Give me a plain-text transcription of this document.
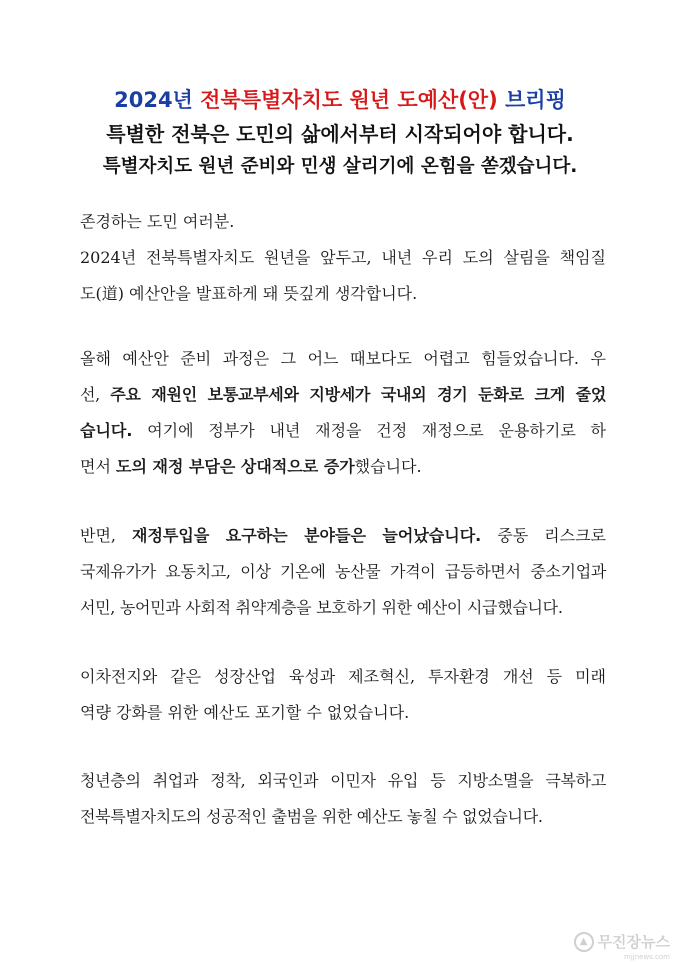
2024년 전북특별자치도 원년 도예산(안) 브리핑
특별한 전북은 도민의 삶에서부터 시작되어야 합니다.
특별자치도 원년 준비와 민생 살리기에 온힘을 쏟겠습니다.
존경하는 도민 여러분.
2024년 전북특별자치도 원년을 앞두고, 내년 우리 도의 살림을 책임질
도(道) 예산안을 발표하게 돼 뜻깊게 생각합니다.
올해 예산안 준비 과정은 그 어느 때보다도 어렵고 힘들었습니다. 우
선, 주요 재원인 보통교부세와 지방세가 국내외 경기 둔화로 크게 줄었
습니다. 여기에 정부가 내년 재정을 건정 재정으로 운용하기로 하
면서 도의 재정 부담은 상대적으로 증가했습니다.
반면, 재정투입을 요구하는 분야들은 늘어났습니다. 중동 리스크로
국제유가가 요동치고, 이상 기온에 농산물 가격이 급등하면서 중소기업과
서민, 농어민과 사회적 취약계층을 보호하기 위한 예산이 시급했습니다.
이차전지와 같은 성장산업 육성과 제조혁신, 투자환경 개선 등 미래
역량 강화를 위한 예산도 포기할 수 없었습니다.
청년층의 취업과 정착, 외국인과 이민자 유입 등 지방소멸을 극복하고
전북특별자치도의 성공적인 출범을 위한 예산도 놓칠 수 없었습니다.
▲ 무진장뉴스
mjjnews.com
